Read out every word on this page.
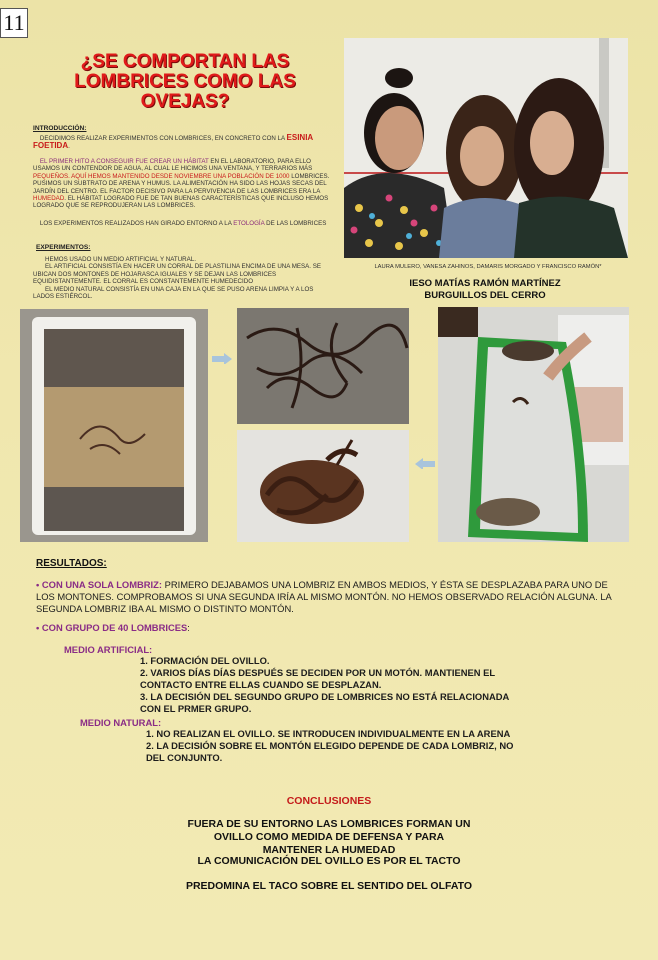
11
¿SE COMPORTAN LAS LOMBRICES COMO LAS OVEJAS?
INTRODUCCIÓN:
DECIDIMOS REALIZAR EXPERIMENTOS CON LOMBRICES, EN CONCRETO CON LA ESINIA FOETIDA.
EL PRIMER HITO A CONSEGUIR FUE CREAR UN HÁBITAT EN EL LABORATORIO, PARA ELLO USAMOS UN CONTENDOR DE AGUA, AL CUAL LE HICIMOS UNA VENTANA, Y TERRARIOS MÁS PEQUEÑOS. AQUÍ HEMOS MANTENIDO DESDE NOVIEMBRE UNA POBLACIÓN DE 1000 LOMBRICES. PUSIMOS UN SUBTRATO DE ARENA Y HUMUS. LA ALIMENTACIÓN HA SIDO LAS HOJAS SECAS DEL JARDÍN DEL CENTRO. EL FACTOR DECISIVO PARA LA PERVIVENCIA DE LAS LOMBRICES ERA LA HUMEDAD. EL HÁBITAT LOGRADO FUE DE TAN BUENAS CARACTERÍSTICAS QUE INCLUSO HEMOS LOGRADO QUE SE REPRODUJERAN LAS LOMBRICES.
LOS EXPERIMENTOS REALIZADOS HAN GIRADO ENTORNO A LA ETOLOGÍA DE LAS LOMBRICES
EXPERIMENTOS:
HEMOS USADO UN MEDIO ARTIFICIAL Y NATURAL.
EL ARTIFICIAL CONSISTÍA EN HACER UN CORRAL DE PLASTILINA ENCIMA DE UNA MESA. SE UBICAN DOS MONTONES DE HOJARASCA IGUALES Y SE DEJAN LAS LOMBRICES EQUIDISTANTEMENTE. EL CORRAL ES CONSTANTEMENTE HUMEDECIDO
EL MEDIO NATURAL CONSISTÍA EN UNA CAJA EN LA QUE SE PUSO ARENA LIMPIA Y A LOS LADOS ESTIÉRCOL.
LAURA MULERO, VANESA ZAHINOS, DAMARIS MORGADO Y FRANCISCO RAMÓN*
IESO MATÍAS RAMÓN MARTÍNEZ
BURGUILLOS DEL CERRO
RESULTADOS:
• CON UNA SOLA LOMBRIZ: PRIMERO DEJABAMOS UNA LOMBRIZ EN AMBOS MEDIOS, Y ÉSTA SE DESPLAZABA PARA UNO DE LOS MONTONES. COMPROBAMOS SI UNA SEGUNDA IRÍA AL MISMO MONTÓN. NO HEMOS OBSERVADO RELACIÓN ALGUNA. LA SEGUNDA LOMBRIZ IBA AL MISMO O DISTINTO MONTÓN.
• CON GRUPO DE 40 LOMBRICES:
MEDIO ARTIFICIAL:
1. FORMACIÓN DEL OVILLO.
2. VARIOS DÍAS DÍAS DESPUÉS SE DECIDEN POR UN MOTÓN. MANTIENEN EL CONTACTO ENTRE ELLAS CUANDO SE DESPLAZAN.
3. LA DECISIÓN DEL SEGUNDO GRUPO DE LOMBRICES NO ESTÁ RELACIONADA CON EL PRMER GRUPO.
MEDIO NATURAL:
1. NO REALIZAN EL OVILLO. SE INTRODUCEN INDIVIDUALMENTE EN LA ARENA
2. LA DECISIÓN SOBRE EL MONTÓN ELEGIDO DEPENDE DE CADA LOMBRIZ, NO DEL CONJUNTO.
CONCLUSIONES
FUERA DE SU ENTORNO LAS LOMBRICES FORMAN UN OVILLO COMO MEDIDA DE DEFENSA Y PARA MANTENER LA HUMEDAD
LA COMUNICACIÓN DEL OVILLO ES POR EL TACTO
PREDOMINA EL TACO SOBRE EL SENTIDO DEL OLFATO
